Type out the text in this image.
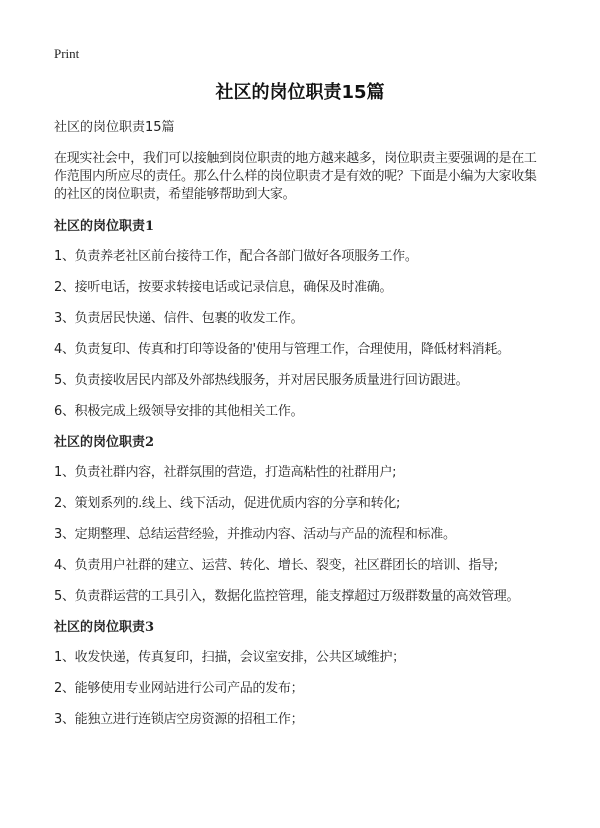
Print
社区的岗位职责15篇

社区的岗位职责15篇

在现实社会中，我们可以接触到岗位职责的地方越来越多，岗位职责主要强调的是在工作范围内所应尽的责任。那么什么样的岗位职责才是有效的呢？下面是小编为大家收集的社区的岗位职责，希望能够帮助到大家。

社区的岗位职责1

1、负责养老社区前台接待工作，配合各部门做好各项服务工作。

2、接听电话，按要求转接电话或记录信息，确保及时准确。

3、负责居民快递、信件、包裹的收发工作。

4、负责复印、传真和打印等设备的'使用与管理工作，合理使用，降低材料消耗。

5、负责接收居民内部及外部热线服务，并对居民服务质量进行回访跟进。

6、积极完成上级领导安排的其他相关工作。

社区的岗位职责2

1、负责社群内容，社群氛围的营造，打造高粘性的社群用户;

2、策划系列的.线上、线下活动，促进优质内容的分享和转化;

3、定期整理、总结运营经验，并推动内容、活动与产品的流程和标准。

4、负责用户社群的建立、运营、转化、增长、裂变，社区群团长的培训、指导;

5、负责群运营的工具引入，数据化监控管理，能支撑超过万级群数量的高效管理。

社区的岗位职责3

1、收发快递，传真复印，扫描，会议室安排，公共区域维护；

2、能够使用专业网站进行公司产品的发布；

3、能独立进行连锁店空房资源的招租工作；
